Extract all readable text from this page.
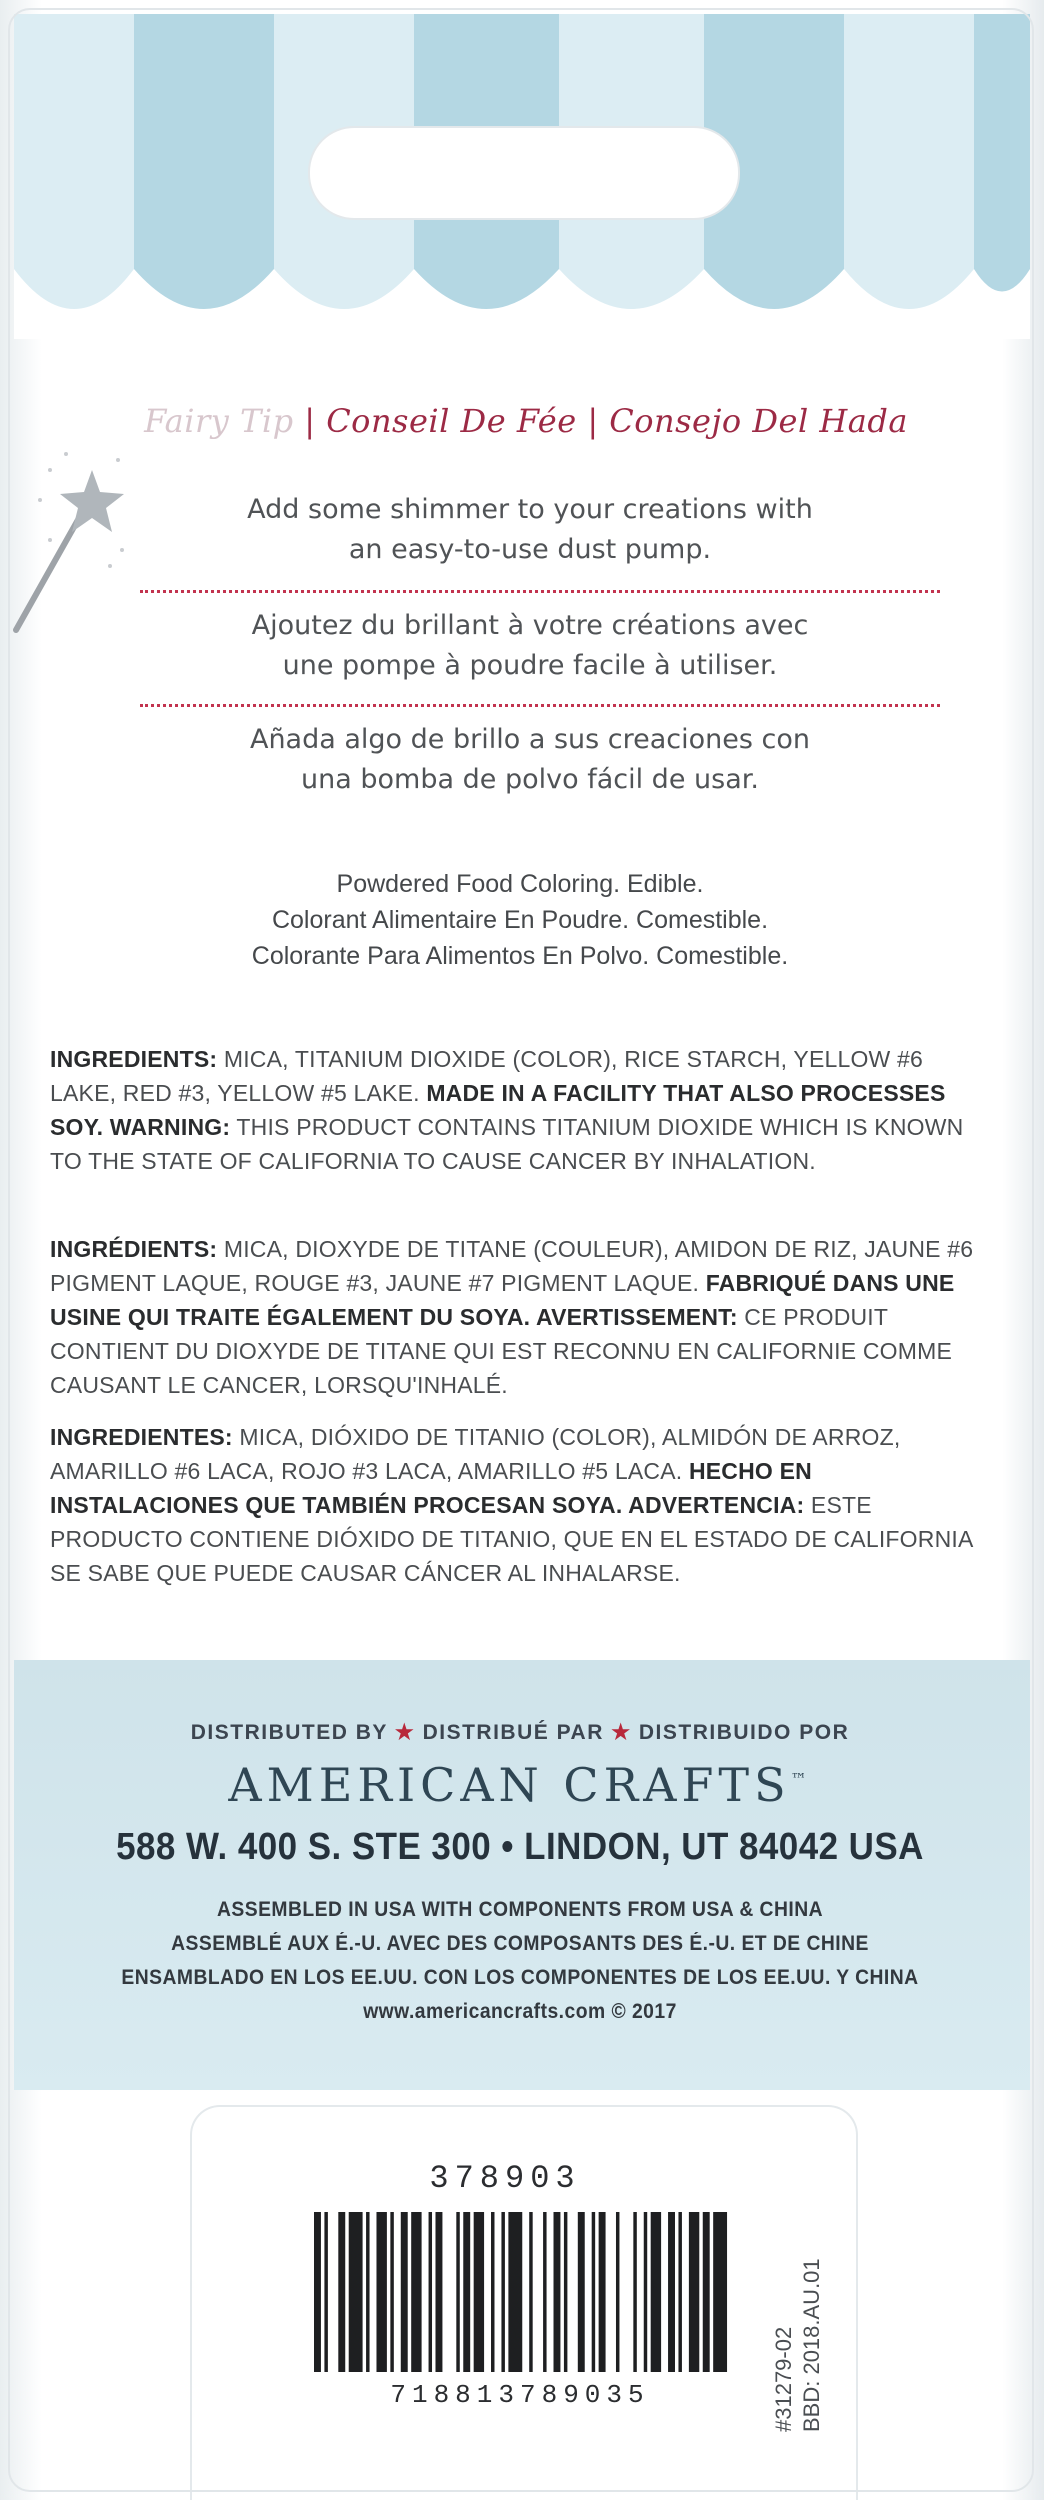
Fairy Tip | Conseil De Fée | Consejo Del Hada
Add some shimmer to your creations with
an easy-to-use dust pump.
Ajoutez du brillant à votre créations avec
une pompe à poudre facile à utiliser.
Añada algo de brillo a sus creaciones con
una bomba de polvo fácil de usar.
Powdered Food Coloring. Edible.
Colorant Alimentaire En Poudre. Comestible.
Colorante Para Alimentos En Polvo. Comestible.
INGREDIENTS: MICA, TITANIUM DIOXIDE (COLOR), RICE STARCH, YELLOW #6 LAKE, RED #3, YELLOW #5 LAKE. MADE IN A FACILITY THAT ALSO PROCESSES SOY. WARNING: THIS PRODUCT CONTAINS TITANIUM DIOXIDE WHICH IS KNOWN TO THE STATE OF CALIFORNIA TO CAUSE CANCER BY INHALATION.
INGRÉDIENTS: MICA, DIOXYDE DE TITANE (COULEUR), AMIDON DE RIZ, JAUNE #6 PIGMENT LAQUE, ROUGE #3, JAUNE #7 PIGMENT LAQUE. FABRIQUÉ DANS UNE USINE QUI TRAITE ÉGALEMENT DU SOYA. AVERTISSEMENT: CE PRODUIT CONTIENT DU DIOXYDE DE TITANE QUI EST RECONNU EN CALIFORNIE COMME CAUSANT LE CANCER, LORSQU'INHALÉ.
INGREDIENTES: MICA, DIÓXIDO DE TITANIO (COLOR), ALMIDÓN DE ARROZ, AMARILLO #6 LACA, ROJO #3 LACA, AMARILLO #5 LACA. HECHO EN INSTALACIONES QUE TAMBIÉN PROCESAN SOYA. ADVERTENCIA: ESTE PRODUCTO CONTIENE DIÓXIDO DE TITANIO, QUE EN EL ESTADO DE CALIFORNIA SE SABE QUE PUEDE CAUSAR CÁNCER AL INHALARSE.
DISTRIBUTED BY ★ DISTRIBUÉ PAR ★ DISTRIBUIDO POR
AMERICAN CRAFTS™
588 W. 400 S. STE 300 • LINDON, UT 84042 USA
ASSEMBLED IN USA WITH COMPONENTS FROM USA & CHINA
ASSEMBLÉ AUX É.-U. AVEC DES COMPOSANTS DES É.-U. ET DE CHINE
ENSAMBLADO EN LOS EE.UU. CON LOS COMPONENTES DE LOS EE.UU. Y CHINA
www.americancrafts.com © 2017
378903
718813789035	#31279-02 BBD: 2018.AU.01
